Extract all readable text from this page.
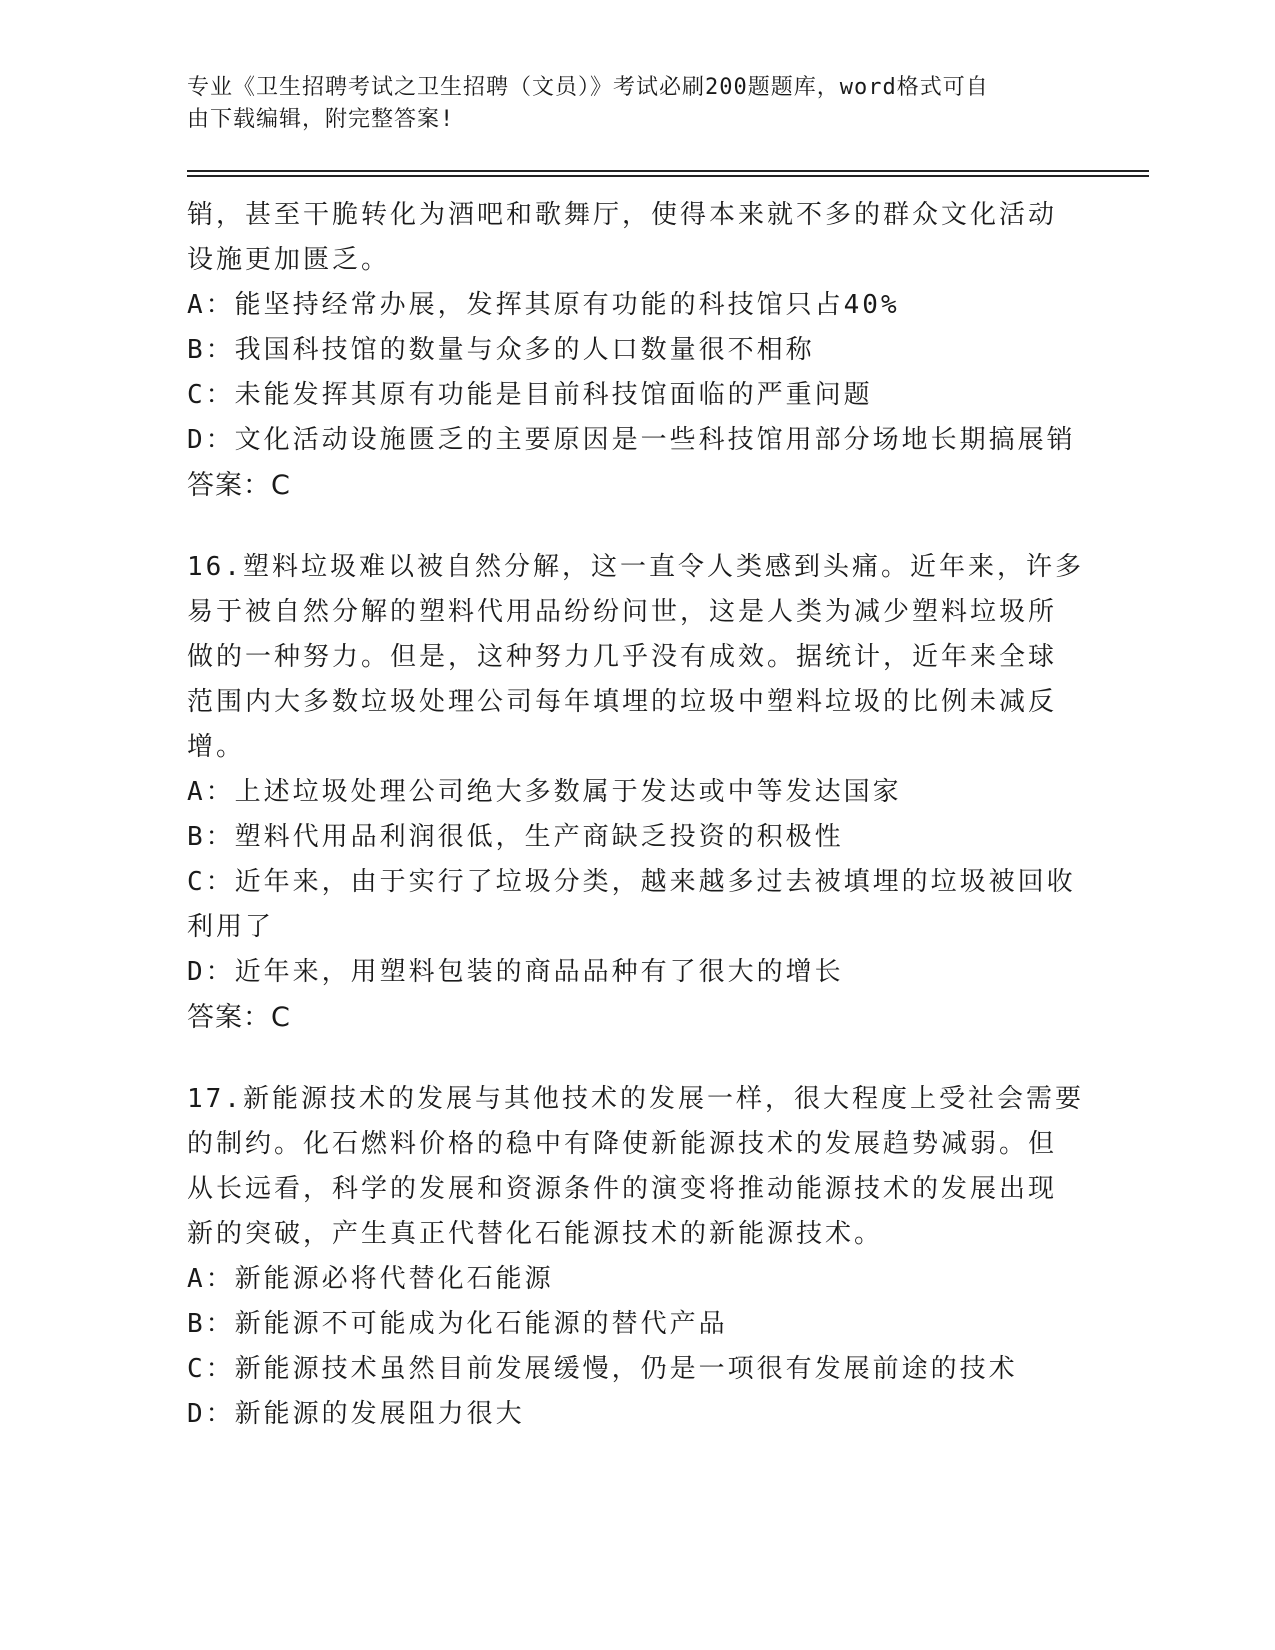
专业《卫生招聘考试之卫生招聘（文员）》考试必刷200题题库，word格式可自
由下载编辑，附完整答案!
销，甚至干脆转化为酒吧和歌舞厅，使得本来就不多的群众文化活动
设施更加匮乏。
A：能坚持经常办展，发挥其原有功能的科技馆只占40%
B：我国科技馆的数量与众多的人口数量很不相称
C：未能发挥其原有功能是目前科技馆面临的严重问题
D：文化活动设施匮乏的主要原因是一些科技馆用部分场地长期搞展销
答案：C
16.塑料垃圾难以被自然分解，这一直令人类感到头痛。近年来，许多
易于被自然分解的塑料代用品纷纷问世，这是人类为减少塑料垃圾所
做的一种努力。但是，这种努力几乎没有成效。据统计，近年来全球
范围内大多数垃圾处理公司每年填埋的垃圾中塑料垃圾的比例未减反
增。
A：上述垃圾处理公司绝大多数属于发达或中等发达国家
B：塑料代用品利润很低，生产商缺乏投资的积极性
C：近年来，由于实行了垃圾分类，越来越多过去被填埋的垃圾被回收
利用了
D：近年来，用塑料包装的商品品种有了很大的增长
答案：C
17.新能源技术的发展与其他技术的发展一样，很大程度上受社会需要
的制约。化石燃料价格的稳中有降使新能源技术的发展趋势减弱。但
从长远看，科学的发展和资源条件的演变将推动能源技术的发展出现
新的突破，产生真正代替化石能源技术的新能源技术。
A：新能源必将代替化石能源
B：新能源不可能成为化石能源的替代产品
C：新能源技术虽然目前发展缓慢，仍是一项很有发展前途的技术
D：新能源的发展阻力很大
